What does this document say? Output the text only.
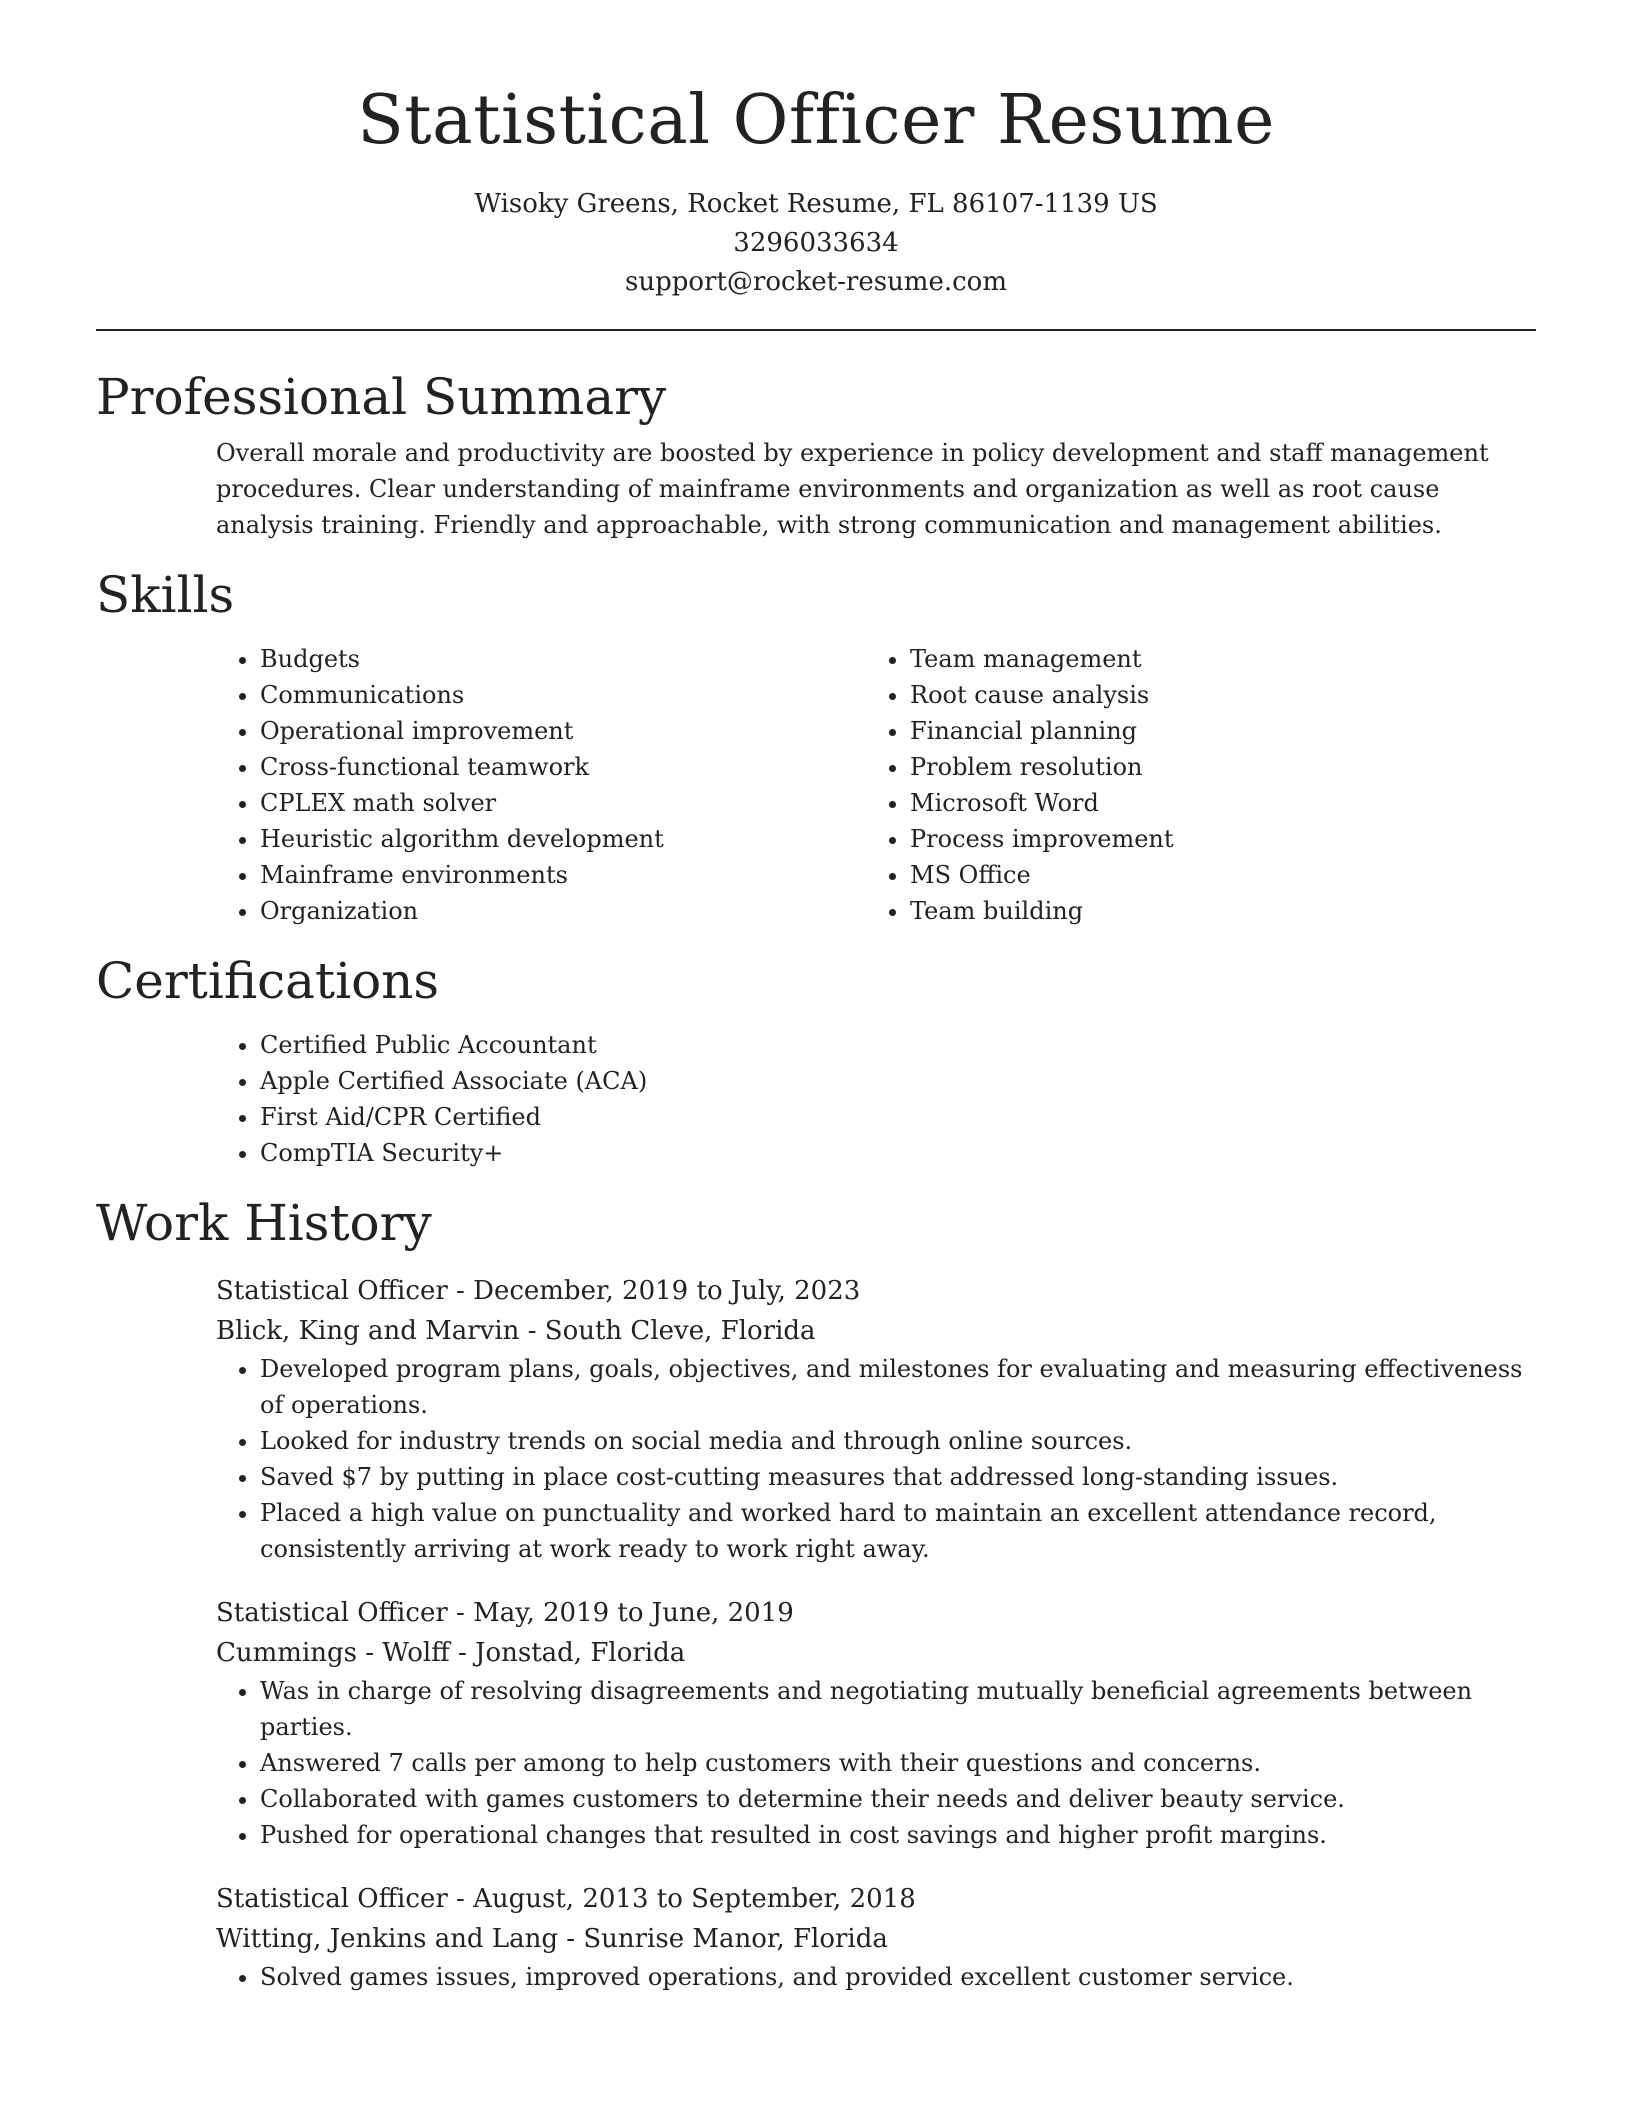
Statistical Officer Resume
Wisoky Greens, Rocket Resume, FL 86107-1139 US
3296033634
support@rocket-resume.com
Professional Summary

Overall morale and productivity are boosted by experience in policy development and staff management procedures. Clear understanding of mainframe environments and organization as well as root cause analysis training. Friendly and approachable, with strong communication and management abilities.

Skills
• Budgets
• Communications
• Operational improvement
• Cross-functional teamwork
• CPLEX math solver
• Heuristic algorithm development
• Mainframe environments
• Organization
• Team management
• Root cause analysis
• Financial planning
• Problem resolution
• Microsoft Word
• Process improvement
• MS Office
• Team building
Certifications
• Certified Public Accountant
• Apple Certified Associate (ACA)
• First Aid/CPR Certified
• CompTIA Security+
Work History
Statistical Officer - December, 2019 to July, 2023
Blick, King and Marvin - South Cleve, Florida
• Developed program plans, goals, objectives, and milestones for evaluating and measuring effectiveness of operations.
• Looked for industry trends on social media and through online sources.
• Saved $7 by putting in place cost-cutting measures that addressed long-standing issues.
• Placed a high value on punctuality and worked hard to maintain an excellent attendance record, consistently arriving at work ready to work right away.
Statistical Officer - May, 2019 to June, 2019
Cummings - Wolff - Jonstad, Florida
• Was in charge of resolving disagreements and negotiating mutually beneficial agreements between parties.
• Answered 7 calls per among to help customers with their questions and concerns.
• Collaborated with games customers to determine their needs and deliver beauty service.
• Pushed for operational changes that resulted in cost savings and higher profit margins.
Statistical Officer - August, 2013 to September, 2018
Witting, Jenkins and Lang - Sunrise Manor, Florida
• Solved games issues, improved operations, and provided excellent customer service.
